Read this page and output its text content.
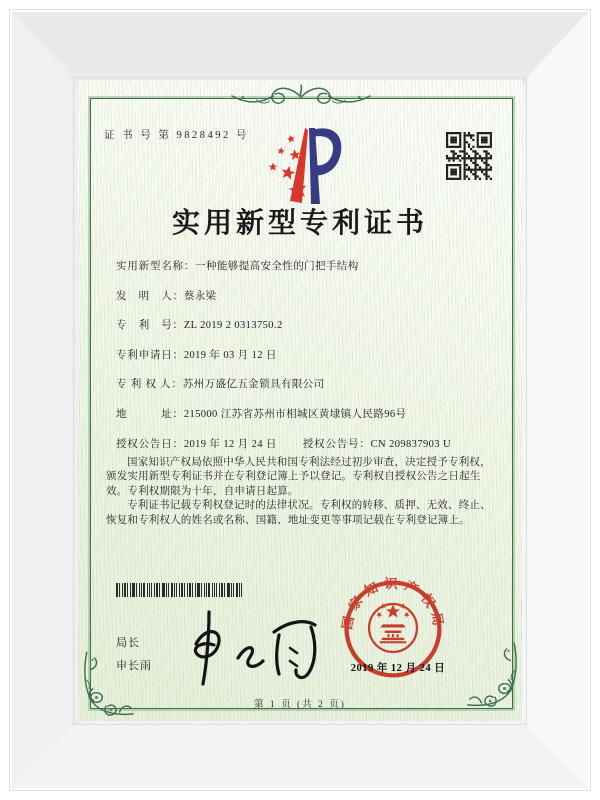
证 书 号 第 9828492 号
实用新型专利证书
实用新型名称：一种能够提高安全性的门把手结构
发　明　人：蔡永梁
专　利　号：ZL 2019 2 0313750.2
专利申请日：2019 年 03 月 12 日
专 利 权 人：苏州万盛亿五金锁具有限公司
地　　　址：215000 江苏省苏州市相城区黄埭镇人民路96号
授权公告日：2019 年 12 月 24 日 授权公告号：CN 209837903 U

国家知识产权局依照中华人民共和国专利法经过初步审查，决定授予专利权，颁发实用新型专利证书并在专利登记簿上予以登记。专利权自授权公告之日起生效。专利权期限为十年，自申请日起算。

专利证书记载专利权登记时的法律状况。专利权的转移、质押、无效、终止、恢复和专利权人的姓名或名称、国籍、地址变更等事项记载在专利登记簿上。

局长
申长雨
国家知识产权局
2019 年 12 月 24 日
第 1 页 (共 2 页)
